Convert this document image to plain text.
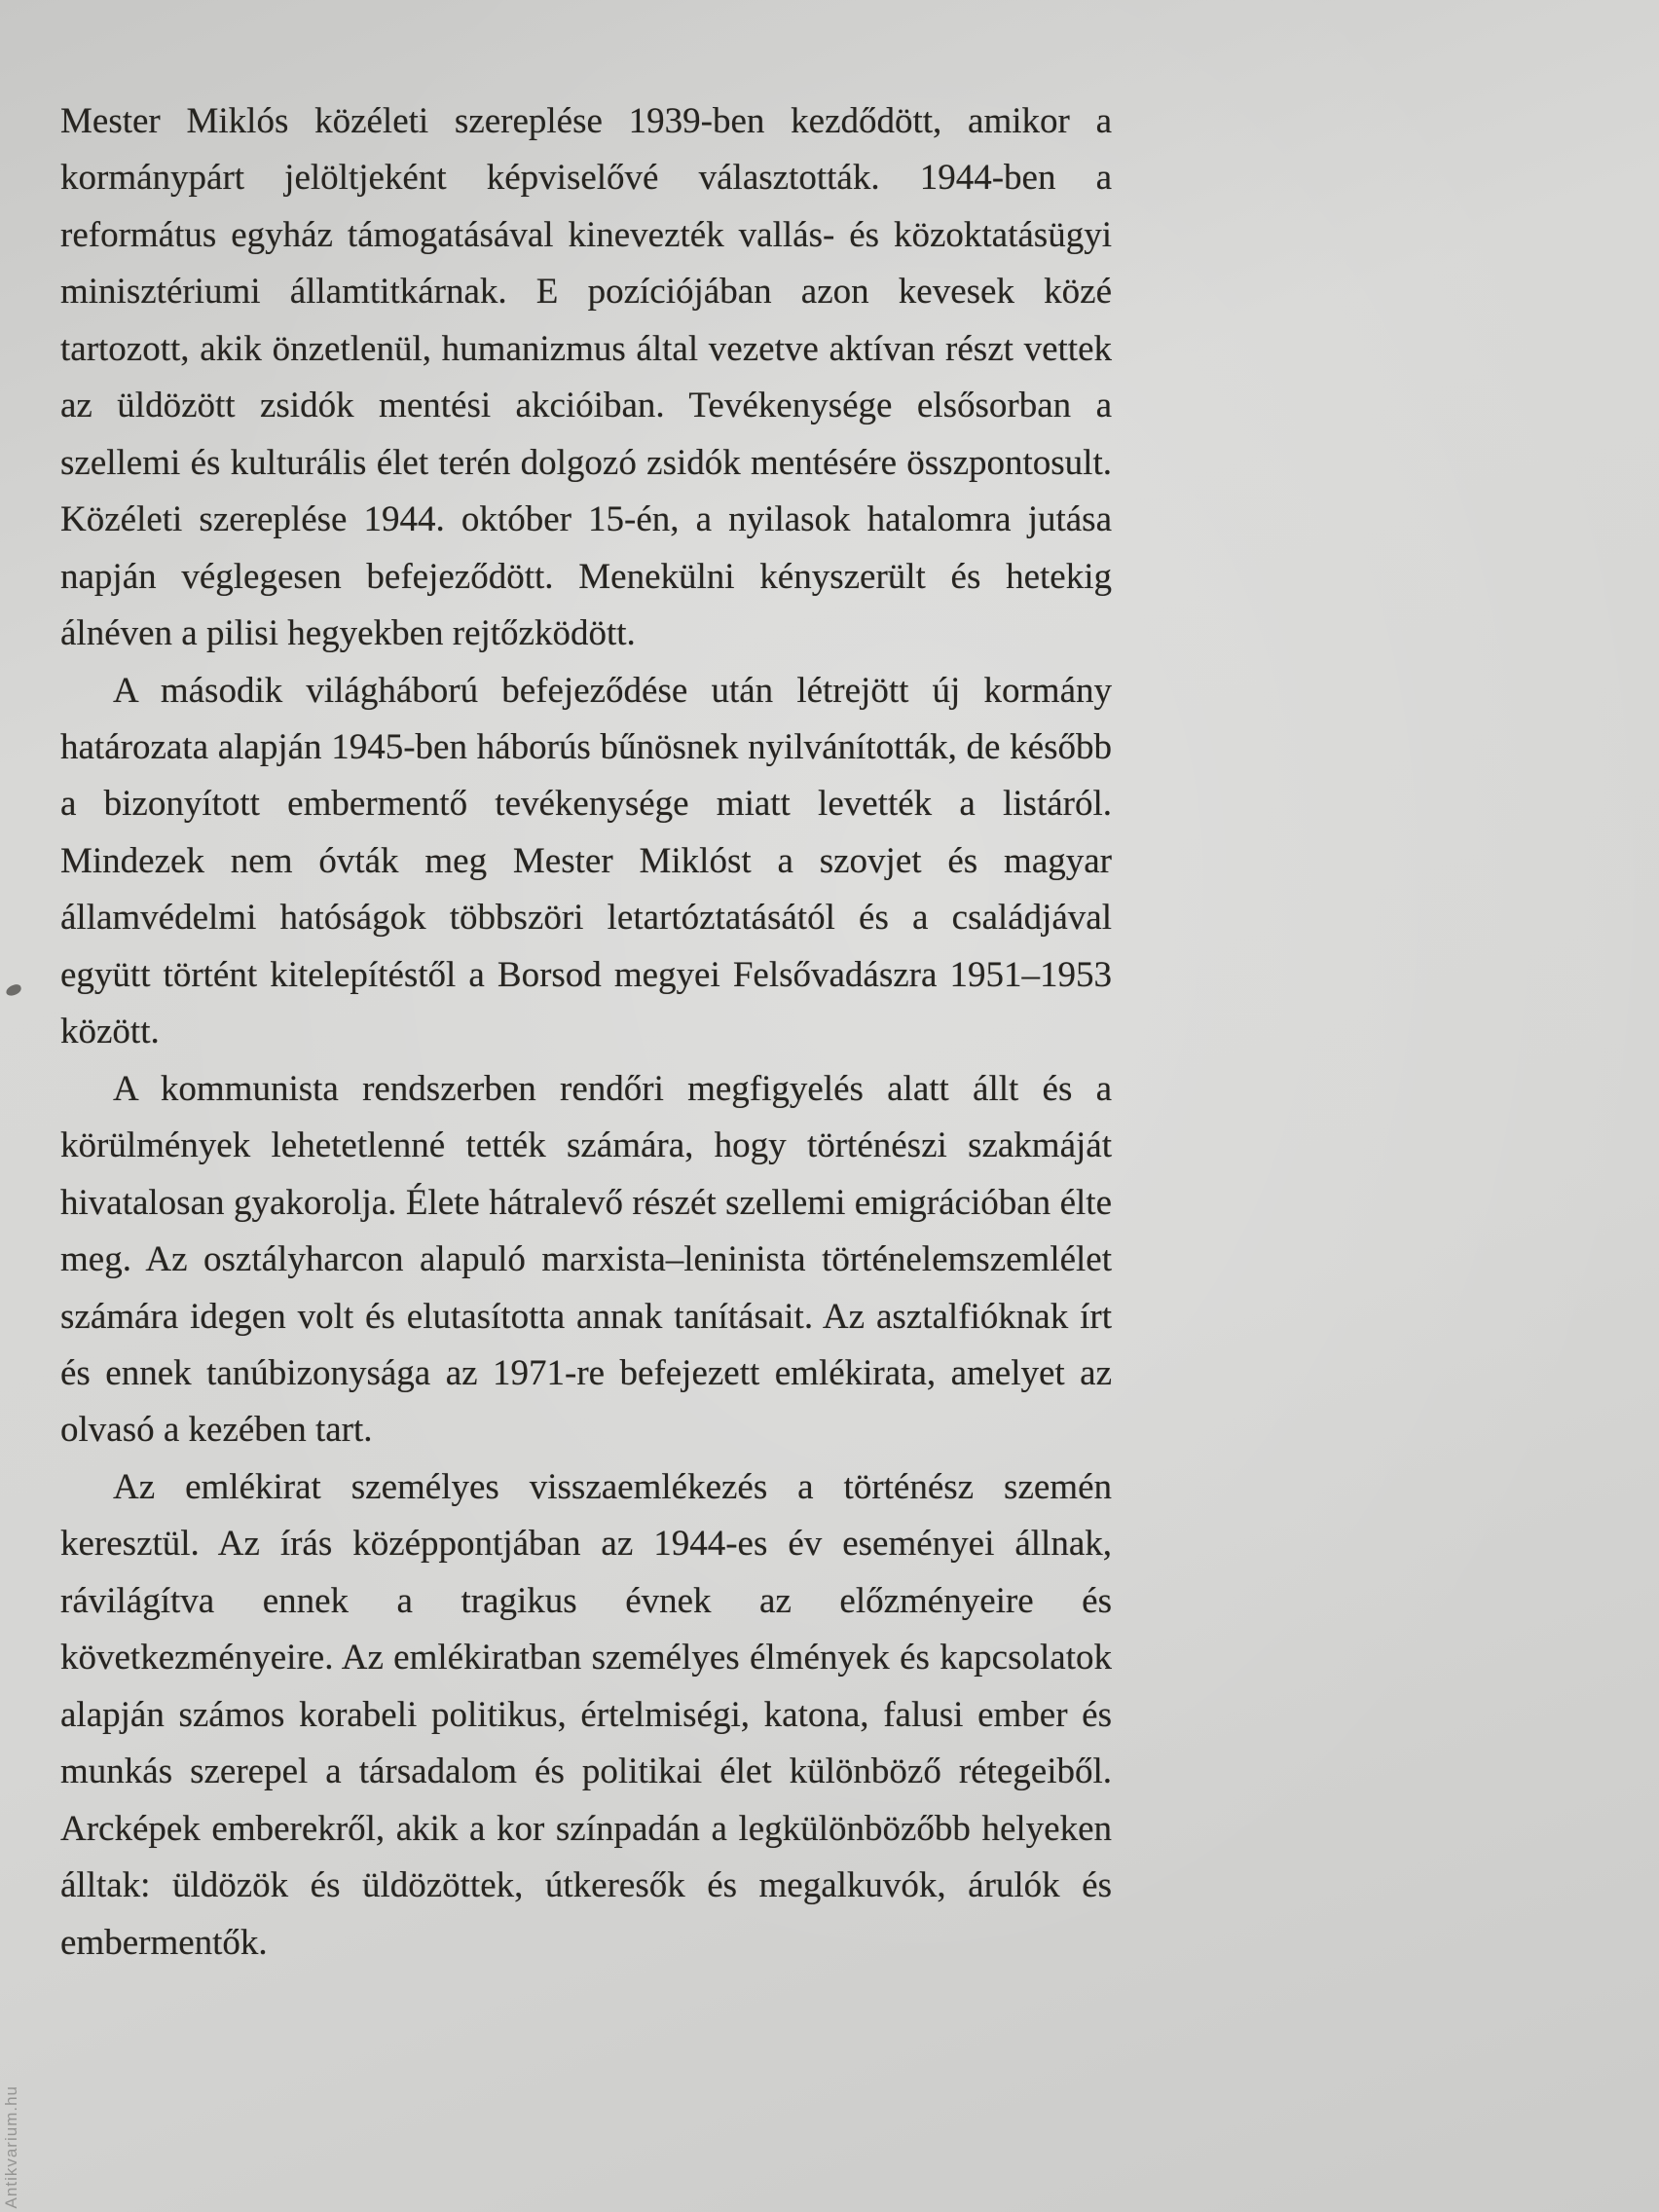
Mester Miklós közéleti szereplése 1939-ben kezdődött, amikor a kormánypárt jelöltjeként képviselővé választották. 1944-ben a református egyház támogatásával kinevezték vallás- és közoktatásügyi minisztériumi államtitkárnak. E pozíciójában azon kevesek közé tartozott, akik önzetlenül, humanizmus által vezetve aktívan részt vettek az üldözött zsidók mentési akcióiban. Tevékenysége elsősorban a szellemi és kulturális élet terén dolgozó zsidók mentésére összpontosult. Közéleti szereplése 1944. október 15-én, a nyilasok hatalomra jutása napján véglegesen befejeződött. Menekülni kényszerült és hetekig álnéven a pilisi hegyekben rejtőzködött.

A második világháború befejeződése után létrejött új kormány határozata alapján 1945-ben háborús bűnösnek nyilvánították, de később a bizonyított embermentő tevékenysége miatt levették a listáról. Mindezek nem óvták meg Mester Miklóst a szovjet és magyar államvédelmi hatóságok többszöri letartóztatásától és a családjával együtt történt kitelepítéstől a Borsod megyei Felsővadászra 1951–1953 között.

A kommunista rendszerben rendőri megfigyelés alatt állt és a körülmények lehetetlenné tették számára, hogy történészi szakmáját hivatalosan gyakorolja. Élete hátralevő részét szellemi emigrációban élte meg. Az osztályharcon alapuló marxista–leninista történelemszemlélet számára idegen volt és elutasította annak tanításait. Az asztalfióknak írt és ennek tanúbizonysága az 1971-re befejezett emlékirata, amelyet az olvasó a kezében tart.

Az emlékirat személyes visszaemlékezés a történész szemén keresztül. Az írás középpontjában az 1944-es év eseményei állnak, rávilágítva ennek a tragikus évnek az előzményeire és következményeire. Az emlékiratban személyes élmények és kapcsolatok alapján számos korabeli politikus, értelmiségi, katona, falusi ember és munkás szerepel a társadalom és politikai élet különböző rétegeiből. Arcképek emberekről, akik a kor színpadán a legkülönbözőbb helyeken álltak: üldözök és üldözöttek, útkeresők és megalkuvók, árulók és embermentők.

Antikvarium.hu
